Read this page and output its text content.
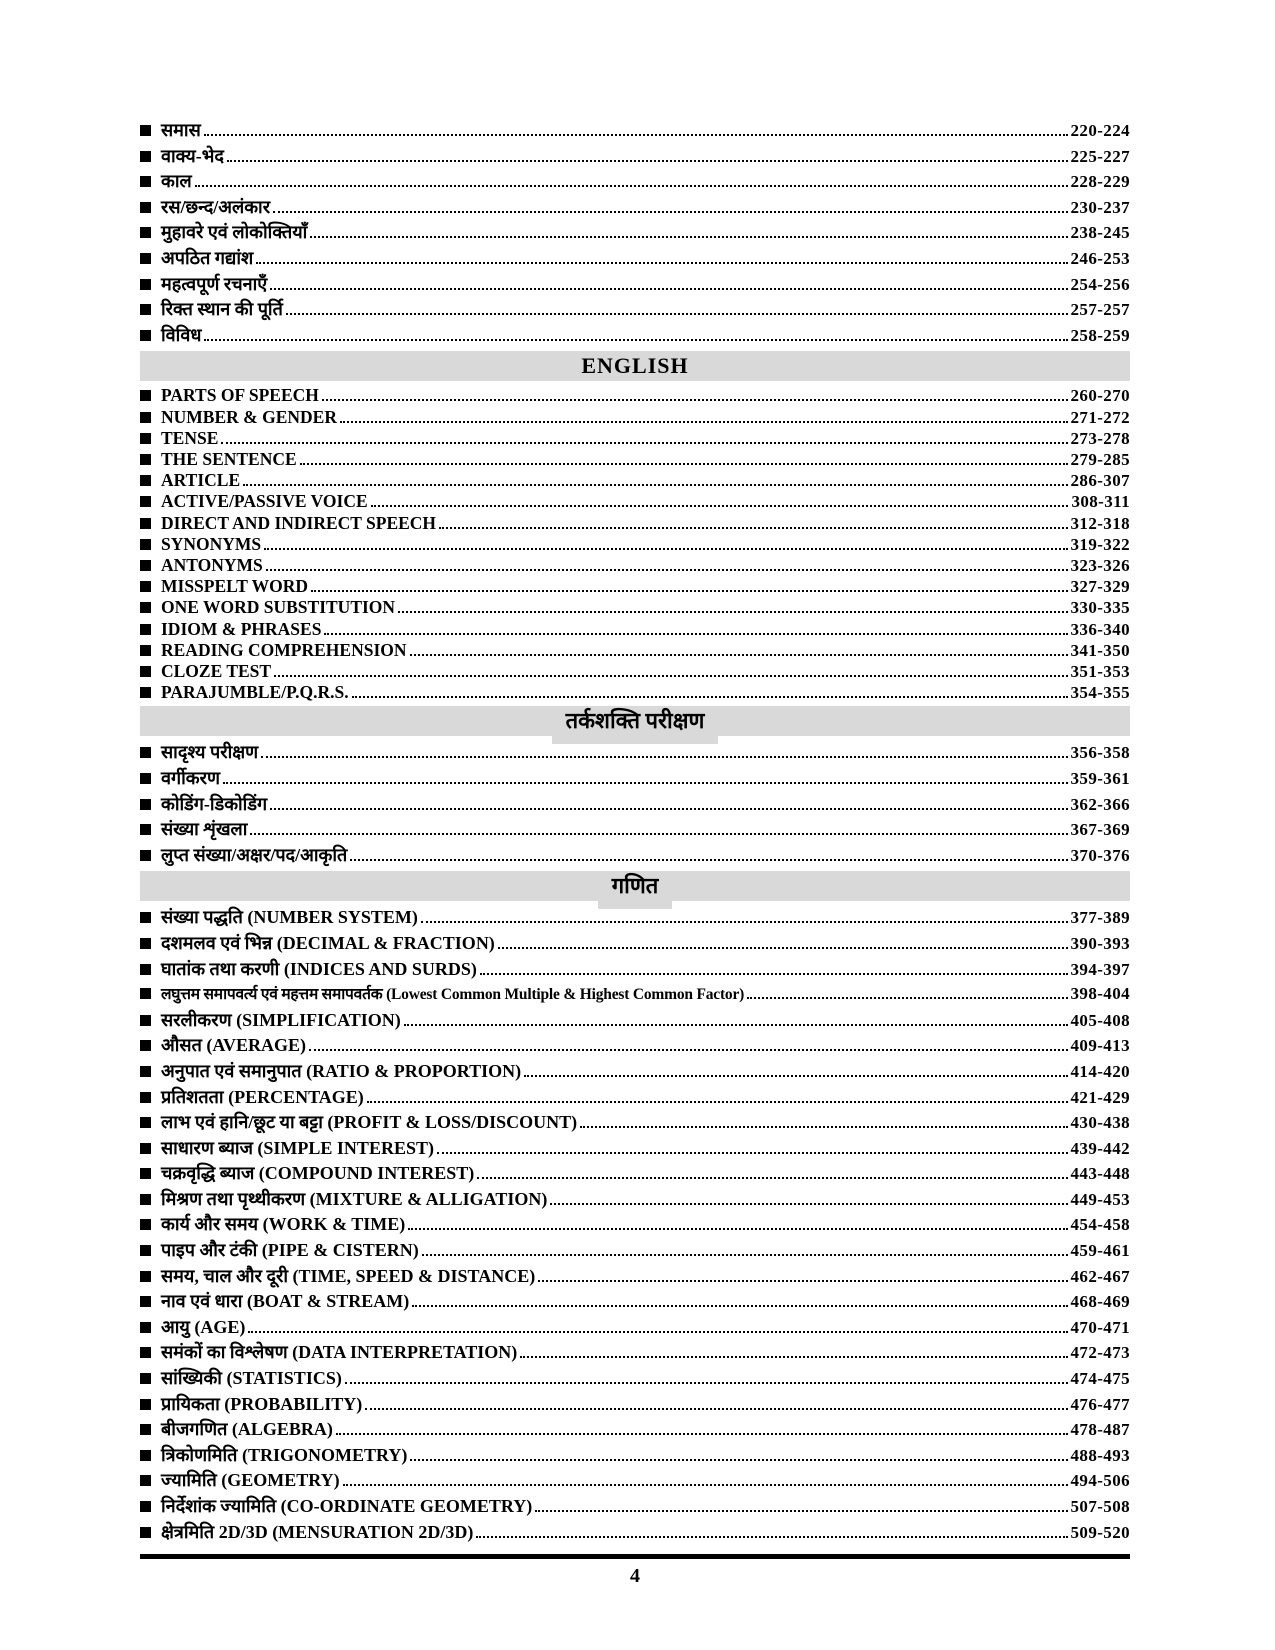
समास	220-224
वाक्य-भेद	225-227
काल	228-229
रस/छन्द/अलंकार	230-237
मुहावरे एवं लोकोक्तियाँ	238-245
अपठित गद्यांश	246-253
महत्वपूर्ण रचनाएँ	254-256
रिक्त स्थान की पूर्ति	257-257
विविध	258-259
ENGLISH
PARTS OF SPEECH	260-270
NUMBER & GENDER	271-272
TENSE	273-278
THE SENTENCE	279-285
ARTICLE	286-307
ACTIVE/PASSIVE VOICE	308-311
DIRECT AND INDIRECT SPEECH	312-318
SYNONYMS	319-322
ANTONYMS	323-326
MISSPELT WORD	327-329
ONE WORD SUBSTITUTION	330-335
IDIOM & PHRASES	336-340
READING COMPREHENSION	341-350
CLOZE TEST	351-353
PARAJUMBLE/P.Q.R.S.	354-355
तर्कशक्ति परीक्षण
सादृश्य परीक्षण	356-358
वर्गीकरण	359-361
कोडिंग-डिकोडिंग	362-366
संख्या शृंखला	367-369
लुप्त संख्या/अक्षर/पद/आकृति	370-376
गणित
संख्या पद्धति (NUMBER SYSTEM)	377-389
दशमलव एवं भिन्न (DECIMAL & FRACTION)	390-393
घातांक तथा करणी (INDICES AND SURDS)	394-397
लघुत्तम समापवर्त्य एवं महत्तम समापवर्तक (Lowest Common Multiple & Highest Common Factor)	398-404
सरलीकरण (SIMPLIFICATION)	405-408
औसत (AVERAGE)	409-413
अनुपात एवं समानुपात (RATIO & PROPORTION)	414-420
प्रतिशतता (PERCENTAGE)	421-429
लाभ एवं हानि/छूट या बट्टा (PROFIT & LOSS/DISCOUNT)	430-438
साधारण ब्याज (SIMPLE INTEREST)	439-442
चक्रवृद्धि ब्याज (COMPOUND INTEREST)	443-448
मिश्रण तथा पृथ्थीकरण (MIXTURE & ALLIGATION)	449-453
कार्य और समय (WORK & TIME)	454-458
पाइप और टंकी (PIPE & CISTERN)	459-461
समय, चाल और दूरी (TIME, SPEED & DISTANCE)	462-467
नाव एवं धारा (BOAT & STREAM)	468-469
आयु (AGE)	470-471
समंकों का विश्लेषण (DATA INTERPRETATION)	472-473
सांख्यिकी (STATISTICS)	474-475
प्रायिकता (PROBABILITY)	476-477
बीजगणित (ALGEBRA)	478-487
त्रिकोणमिति (TRIGONOMETRY)	488-493
ज्यामिति (GEOMETRY)	494-506
निर्देशांक ज्यामिति (CO-ORDINATE GEOMETRY)	507-508
क्षेत्रमिति 2D/3D (MENSURATION 2D/3D)	509-520
4
